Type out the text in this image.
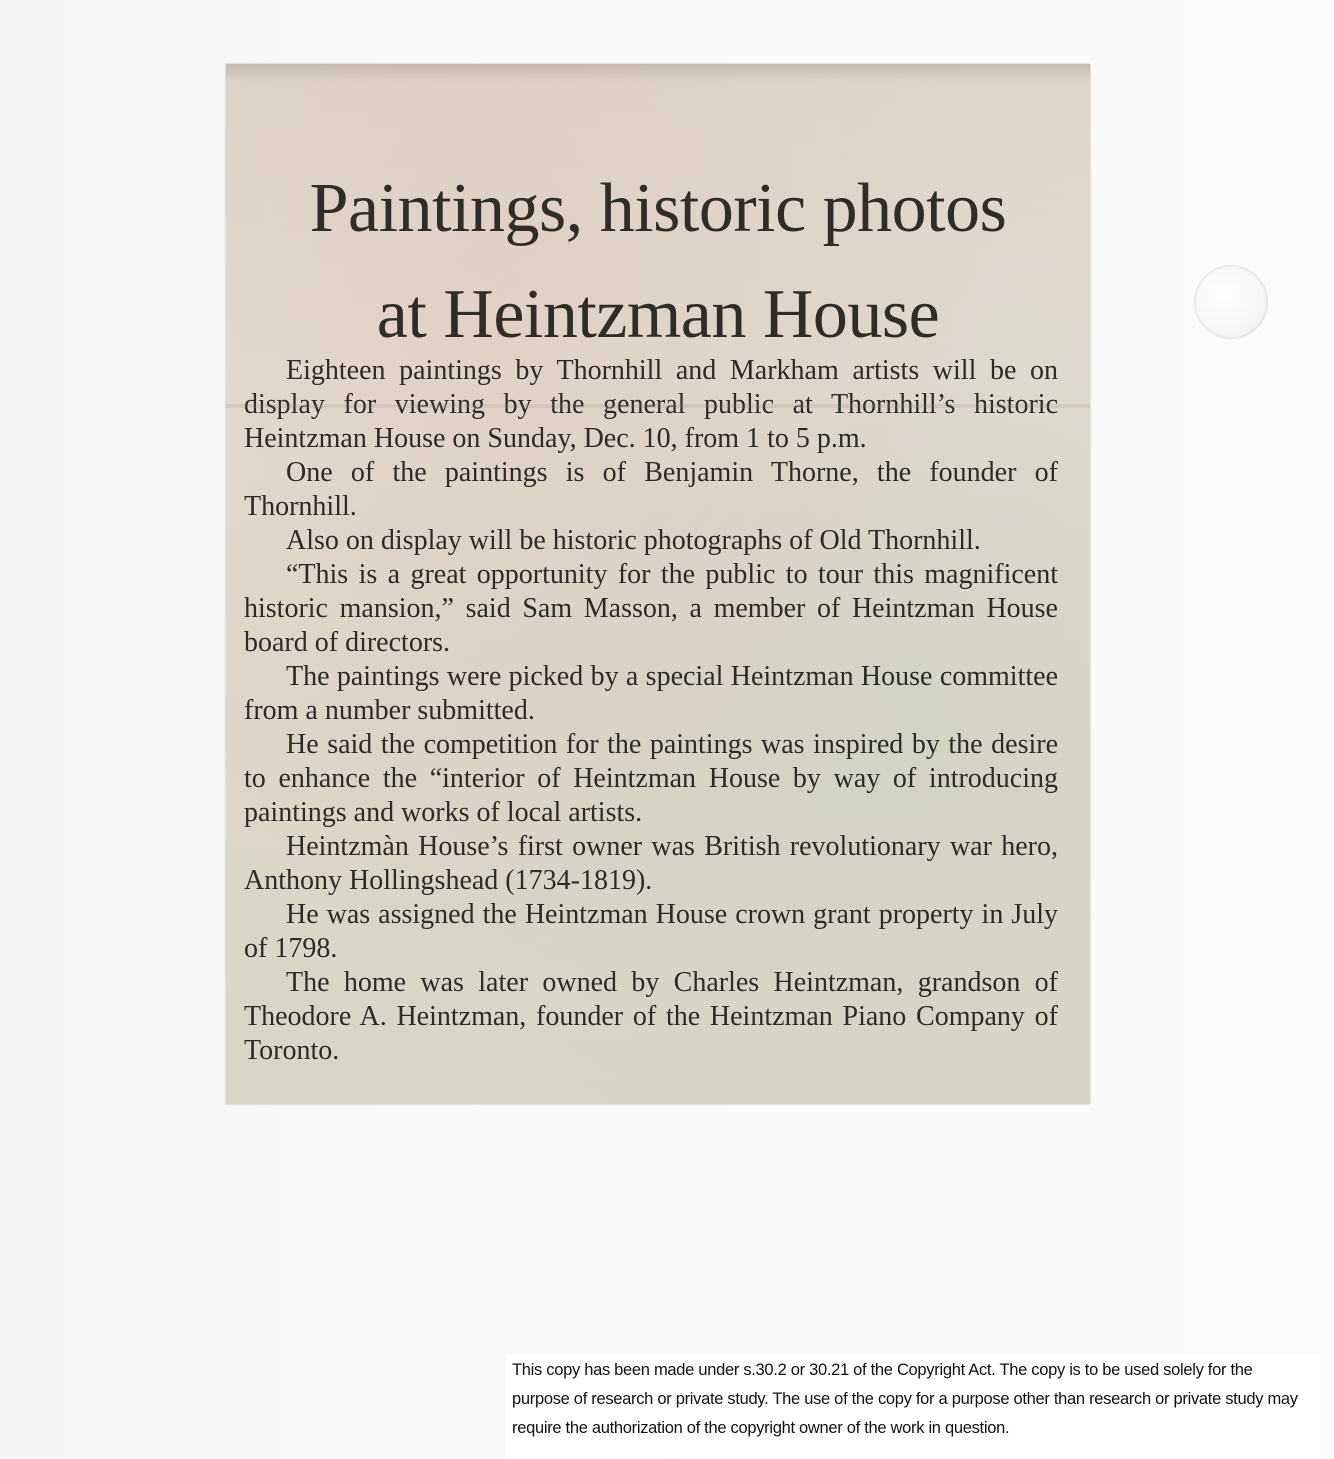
Paintings, historic photos
at Heintzman House

Eighteen paintings by Thornhill and Markham artists will be on display for viewing by the general public at Thornhill’s historic Heintzman House on Sunday, Dec. 10, from 1 to 5 p.m.

One of the paintings is of Benjamin Thorne, the founder of Thornhill.

Also on display will be historic photographs of Old Thornhill.

“This is a great opportunity for the public to tour this magnificent historic mansion,” said Sam Masson, a member of Heintzman House board of directors.

The paintings were picked by a special Heintzman House committee from a number submitted.

He said the competition for the paintings was inspired by the desire to enhance the “interior of Heintzman House by way of introducing paintings and works of local artists.

Heintzmàn House’s first owner was British revolutionary war hero, Anthony Hollingshead (1734-1819).

He was assigned the Heintzman House crown grant property in July of 1798.

The home was later owned by Charles Heintzman, grandson of Theodore A. Heintzman, founder of the Heintzman Piano Company of Toronto.

This copy has been made under s.30.2 or 30.21 of the Copyright Act. The copy is to be used solely for the purpose of research or private study. The use of the copy for a purpose other than research or private study may require the authorization of the copyright owner of the work in question.
